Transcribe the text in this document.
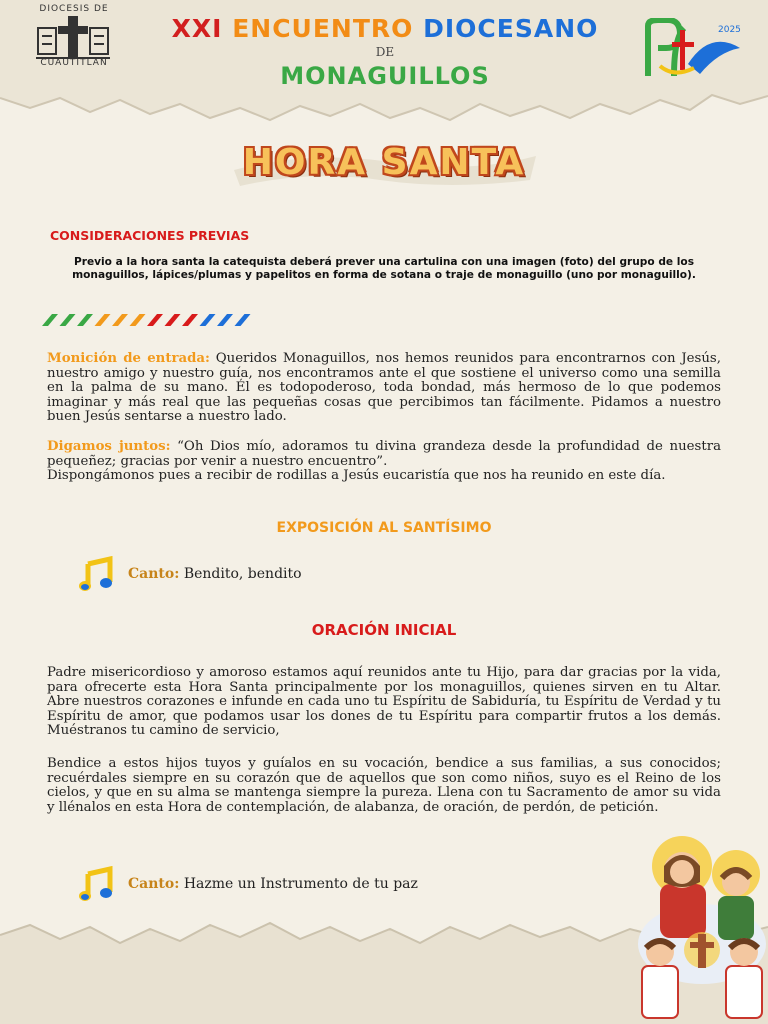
DIOCESIS DE
CUAUTITLAN
XXI ENCUENTRO DIOCESANO
DE
MONAGUILLOS
2025
HORA SANTA
CONSIDERACIONES PREVIAS
Previo a la hora santa la catequista deberá prever una cartulina con una imagen (foto) del grupo de los monaguillos, lápices/plumas y papelitos en forma de sotana o traje de monaguillo (uno por monaguillo).
Monición de entrada: Queridos Monaguillos, nos hemos reunidos para encontrarnos con Jesús, nuestro amigo y nuestro guía, nos encontramos ante el que sostiene el universo como una semilla en la palma de su mano. Él es todopoderoso, toda bondad, más hermoso de lo que podemos imaginar y más real que las pequeñas cosas que percibimos tan fácilmente. Pidamos a nuestro buen Jesús sentarse a nuestro lado.
Digamos juntos: “Oh Dios mío, adoramos tu divina grandeza desde la profundidad de nuestra pequeñez; gracias por venir a nuestro encuentro”.
Dispongámonos pues a recibir de rodillas a Jesús eucaristía que nos ha reunido en este día.
EXPOSICIÓN AL SANTÍSIMO
Canto: Bendito, bendito
ORACIÓN INICIAL
Padre misericordioso y amoroso estamos aquí reunidos ante tu Hijo, para dar gracias por la vida, para ofrecerte esta Hora Santa principalmente por los monaguillos, quienes sirven en tu Altar. Abre nuestros corazones e infunde en cada uno tu Espíritu de Sabiduría, tu Espíritu de Verdad y tu Espíritu de amor, que podamos usar los dones de tu Espíritu para compartir frutos a los demás. Muéstranos tu camino de servicio,
Bendice a estos hijos tuyos y guíalos en su vocación, bendice a sus familias, a sus conocidos; recuérdales siempre en su corazón que de aquellos que son como niños, suyo es el Reino de los cielos, y que en su alma se mantenga siempre la pureza. Llena con tu Sacramento de amor su vida y llénalos en esta Hora de contemplación, de alabanza, de oración, de perdón, de petición.
Canto: Hazme un Instrumento de tu paz
